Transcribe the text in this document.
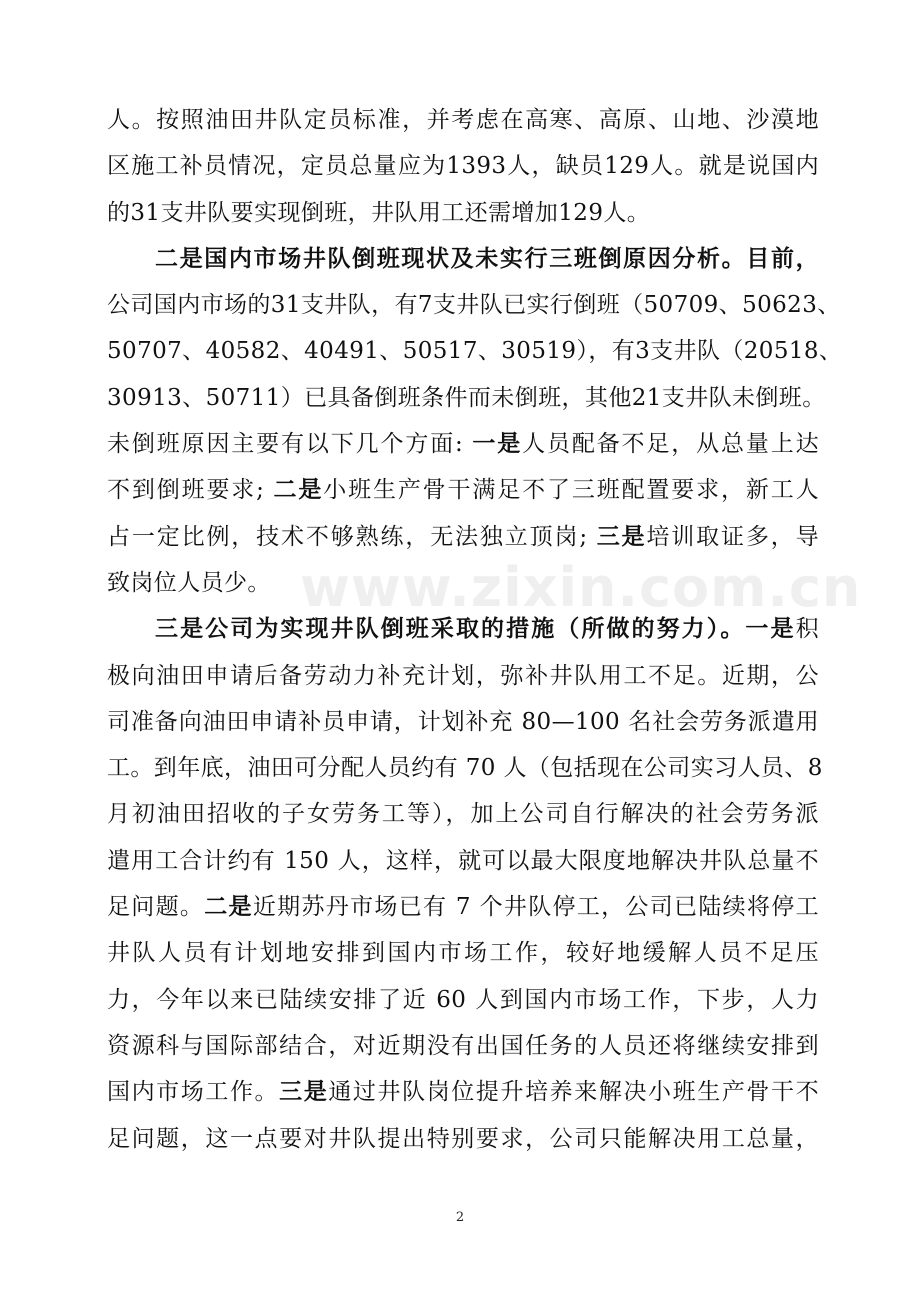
www.zixin.com.cn
人。按照油田井队定员标准，并考虑在高寒、高原、山地、沙漠地
区施工补员情况，定员总量应为1393人，缺员129人。就是说国内
的31支井队要实现倒班，井队用工还需增加129人。
二是国内市场井队倒班现状及未实行三班倒原因分析。目前，
公司国内市场的31支井队，有7支井队已实行倒班（50709、50623、
50707、40582、40491、50517、30519），有3支井队（20518、
30913、50711）已具备倒班条件而未倒班，其他21支井队未倒班。
未倒班原因主要有以下几个方面: 一是人员配备不足，从总量上达
不到倒班要求; 二是小班生产骨干满足不了三班配置要求，新工人
占一定比例，技术不够熟练，无法独立顶岗; 三是培训取证多，导
致岗位人员少。
三是公司为实现井队倒班采取的措施（所做的努力）。一是积
极向油田申请后备劳动力补充计划，弥补井队用工不足。近期，公
司准备向油田申请补员申请，计划补充 80—100 名社会劳务派遣用
工。到年底，油田可分配人员约有 70 人（包括现在公司实习人员、8
月初油田招收的子女劳务工等），加上公司自行解决的社会劳务派
遣用工合计约有 150 人，这样，就可以最大限度地解决井队总量不
足问题。二是近期苏丹市场已有 7 个井队停工，公司已陆续将停工
井队人员有计划地安排到国内市场工作，较好地缓解人员不足压
力，今年以来已陆续安排了近 60 人到国内市场工作，下步，人力
资源科与国际部结合，对近期没有出国任务的人员还将继续安排到
国内市场工作。三是通过井队岗位提升培养来解决小班生产骨干不
足问题，这一点要对井队提出特别要求，公司只能解决用工总量，
2
